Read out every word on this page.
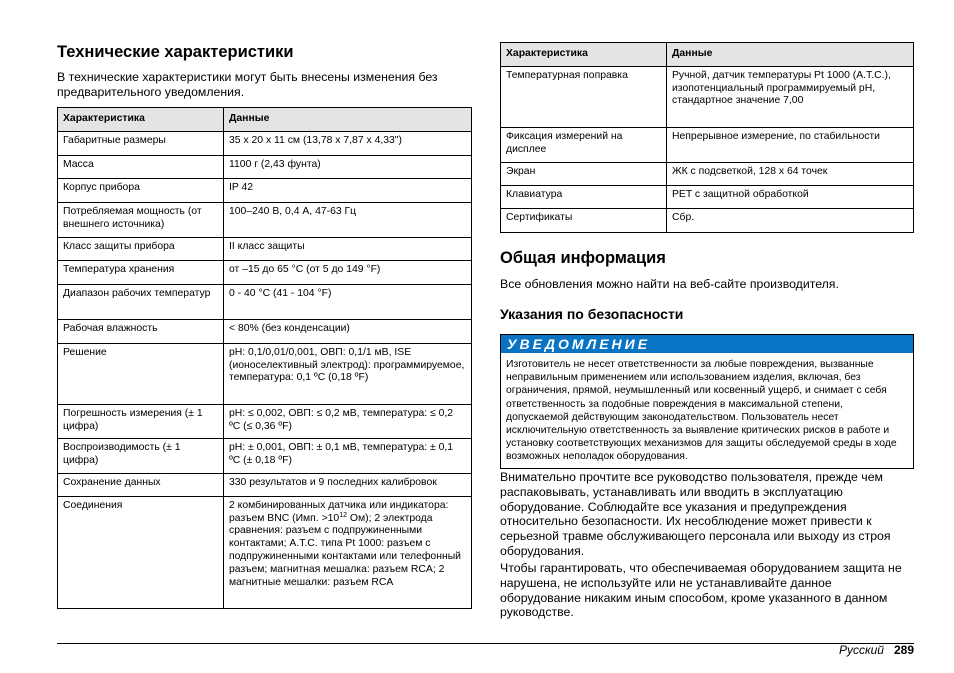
Технические характеристики

В технические характеристики могут быть внесены изменения без предварительного уведомления.

Характеристика	Данные
Габаритные размеры	35 x 20 x 11 см (13,78 x 7,87 x 4,33")
Масса	1100 г (2,43 фунта)
Корпус прибора	IP 42
Потребляемая мощность (от внешнего источника)	100–240 В, 0,4 A, 47-63 Гц
Класс защиты прибора	II класс защиты
Температура хранения	от –15 до 65 °C (от 5 до 149 °F)
Диапазон рабочих температур	0 - 40 °C (41 - 104 °F)
Рабочая влажность	< 80% (без конденсации)
Решение	pH: 0,1/0,01/0,001, ОВП: 0,1/1 мВ, ISE (ионоселективный электрод): программируемое, температура: 0,1 ºC (0,18 ºF)
Погрешность измерения (± 1 цифра)	pH: ≤ 0,002, ОВП: ≤ 0,2 мВ, температура: ≤ 0,2 ºC (≤ 0,36 ºF)
Воспроизводимость (± 1 цифра)	pH: ± 0,001, ОВП: ± 0,1 мВ, температура: ± 0,1 ºC (± 0,18 ºF)
Сохранение данных	330 результатов и 9 последних калибровок
Соединения	2 комбинированных датчика или индикатора: разъем BNC (Имп. $>10^{12}$ Ом); 2 электрода сравнения: разъем с подпружиненными контактами; A.T.C. типа Pt 1000: разъем с подпружиненными контактами или телефонный разъем; магнитная мешалка: разъем RCA; 2 магнитные мешалки: разъем RCA
Характеристика	Данные
Температурная поправка	Ручной, датчик температуры Pt 1000 (A.T.C.), изопотенциальный программируемый pH, стандартное значение 7,00
Фиксация измерений на дисплее	Непрерывное измерение, по стабильности
Экран	ЖК с подсветкой, 128 x 64 точек
Клавиатура	PET с защитной обработкой
Сертификаты	Сбр.
Общая информация

Все обновления можно найти на веб-сайте производителя.

Указания по безопасности
УВЕДОМЛЕНИЕ
Изготовитель не несет ответственности за любые повреждения, вызванные неправильным применением или использованием изделия, включая, без ограничения, прямой, неумышленный или косвенный ущерб, и снимает с себя ответственность за подобные повреждения в максимальной степени, допускаемой действующим законодательством. Пользователь несет исключительную ответственность за выявление критических рисков в работе и установку соответствующих механизмов для защиты обследуемой среды в ходе возможных неполадок оборудования.

Внимательно прочтите все руководство пользователя, прежде чем распаковывать, устанавливать или вводить в эксплуатацию оборудование. Соблюдайте все указания и предупреждения относительно безопасности. Их несоблюдение может привести к серьезной травме обслуживающего персонала или выходу из строя оборудования.

Чтобы гарантировать, что обеспечиваемая оборудованием защита не нарушена, не используйте или не устанавливайте данное оборудование никаким иным способом, кроме указанного в данном руководстве.

Русский 289
